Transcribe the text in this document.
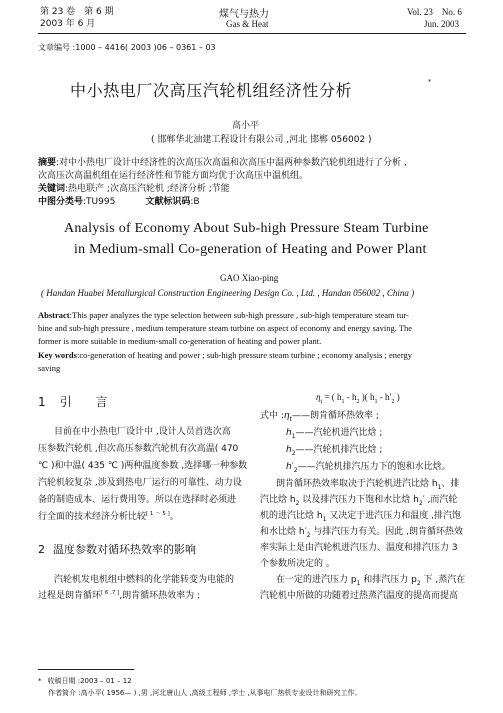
第 23 卷　第 6 期
2003 年 6 月
煤气与热力
Gas & Heat
Vol. 23　No. 6
Jun. 2003
文章编号 :1000 – 4416( 2003 )06 – 0361 – 03
中小热电厂次高压汽轮机组经济性分析	*
高小平
( 邯郸华北油建工程设计有限公司 ,河北 邯郸 056002 )
摘要:对中小热电厂设计中经济性的次高压次高温和次高压中温两种参数汽轮机组进行了分析 ,
次高压次高温机组在运行经济性和节能方面均优于次高压中温机组。
关键词:热电联产 ;次高压汽轮机 ;经济分析 ;节能
中图分类号:TU995	文献标识码:B
Analysis of Economy About Sub-high Pressure Steam Turbine
in Medium-small Co-generation of Heating and Power Plant
GAO Xiao-ping
( Handan Huabei Metallurgical Construction Engineering Design Co. , Ltd. , Handan 056002 , China )
Abstract:This paper analyzes the type selection between sub-high pressure , sub-high temperature steam tur-
bine and sub-high pressure , medium temperature steam turbine on aspect of economy and energy saving. The
former is more suitable in medium-small co-generation of heating and power plant.
Key words:co-generation of heating and power ; sub-high pressure steam turbine ; economy analysis ; energy
saving
1 引　　言
目前在中小热电厂设计中 ,设计人员首选次高
压参数汽轮机 ,但次高压参数汽轮机有次高温( 470
℃ )和中温( 435 ℃ )两种温度参数 ,选择哪一种参数
汽轮机较复杂 ,涉及到热电厂运行的可靠性、动力设
备的制造成本、运行费用等。所以在选择时必须进
行全面的技术经济分析比较[ 1 ～ 5 ]。
2 温度参数对循环热效率的影响
汽轮机发电机组中燃料的化学能转变为电能的
过程是朗肯循环[ 6 ,7 ],朗肯循环热效率为 :
$\eta_t$ = ( $h_1 - h_2$ )( $h_1 - h'_2$ )
式中 $:\eta_t——$朗肯循环热效率 ;
$h_1——$汽轮机进汽比焓 ;
$h_2——$汽轮机排汽比焓 ;
$h'_2——$汽轮机排汽压力下的饱和水比焓。
朗肯循环热效率取决于汽轮机进汽比焓 $h_1$、排
汽比焓 $h_2$ 以及排汽压力下饱和水比焓 $h_2'$ ,而汽轮
机的进汽比焓 $h_1$ 又决定于进汽压力和温度 ,排汽饱
和水比焓 $h'_2$ 与排汽压力有关。因此 ,朗肯循环热效
率实际上是由汽轮机进汽压力、温度和排汽压力 3
个参数所决定的 。
在一定的进汽压力 $p_1$ 和排汽压力 $p_2$ 下 ,蒸汽在
汽轮机中所做的功随着过热蒸汽温度的提高而提高
* 收稿日期 :2003 – 01 – 12
作者简介 :高小平( 1956— ) ,男 ,河北唐山人 ,高级工程师 ,学士 ,从事电厂热机专业设计和研究工作。
